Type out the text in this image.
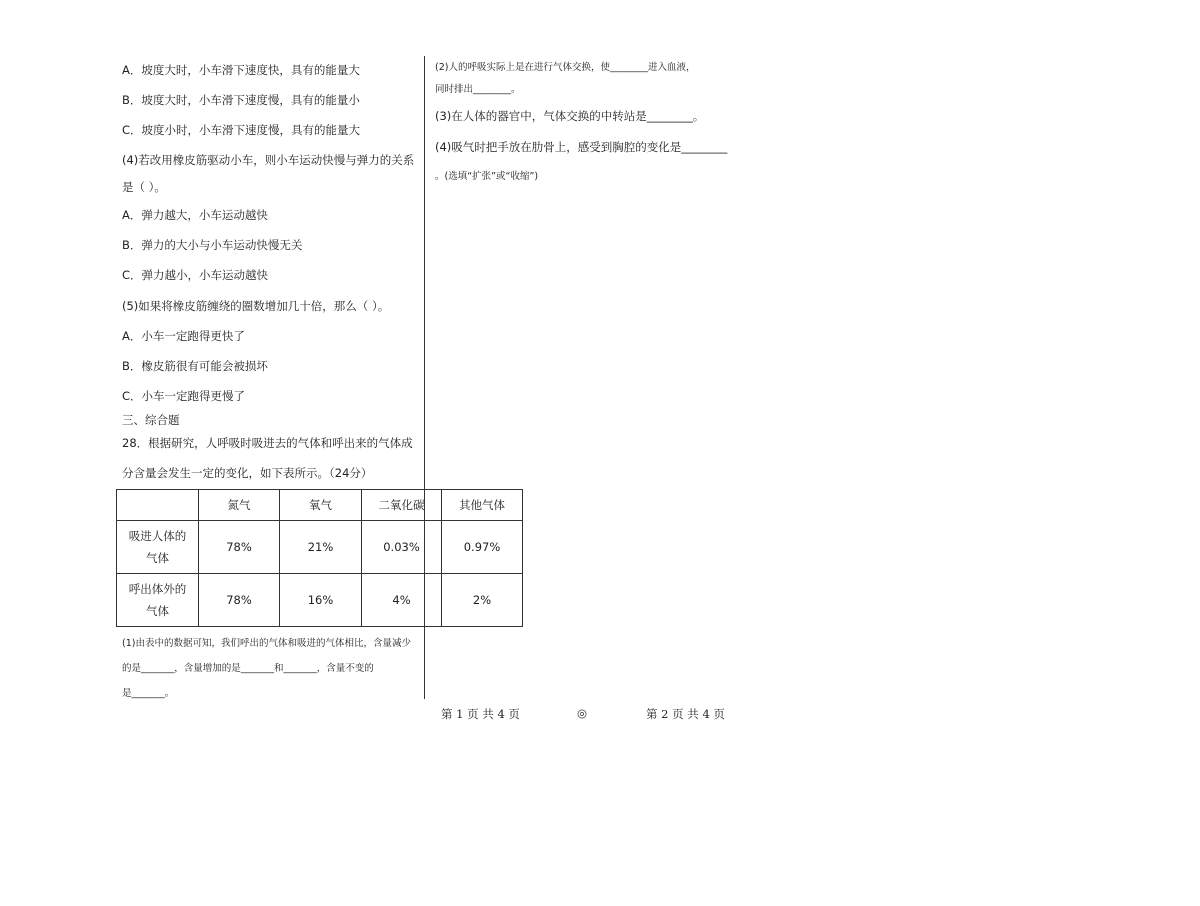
A．坡度大时，小车滑下速度快，具有的能量大
B．坡度大时，小车滑下速度慢，具有的能量小
C．坡度小时，小车滑下速度慢，具有的能量大
(4)若改用橡皮筋驱动小车，则小车运动快慢与弹力的关系
是（ ）。
A．弹力越大，小车运动越快
B．弹力的大小与小车运动快慢无关
C．弹力越小，小车运动越快
(5)如果将橡皮筋缠绕的圈数增加几十倍，那么（ ）。
A．小车一定跑得更快了
B．橡皮筋很有可能会被损坏
C．小车一定跑得更慢了
三、综合题
28．根据研究，人呼吸时吸进去的气体和呼出来的气体成
分含量会发生一定的变化，如下表所示。（24分）
	氮气	氧气	二氧化碳	其他气体

吸进人体的
气体	78%	21%	0.03%	0.97%

呼出体外的
气体	78%	16%	4%	2%
(1)由表中的数据可知，我们呼出的气体和吸进的气体相比，含量减少
的是_______，含量增加的是_______和_______，含量不变的
是_______。
(2)人的呼吸实际上是在进行气体交换，使________进入血液，
同时排出________。
(3)在人体的器官中，气体交换的中转站是________。
(4)吸气时把手放在肋骨上，感受到胸腔的变化是________
。(选填“扩张”或“收缩”)
第 1 页 共 4 页	◎	第 2 页 共 4 页
